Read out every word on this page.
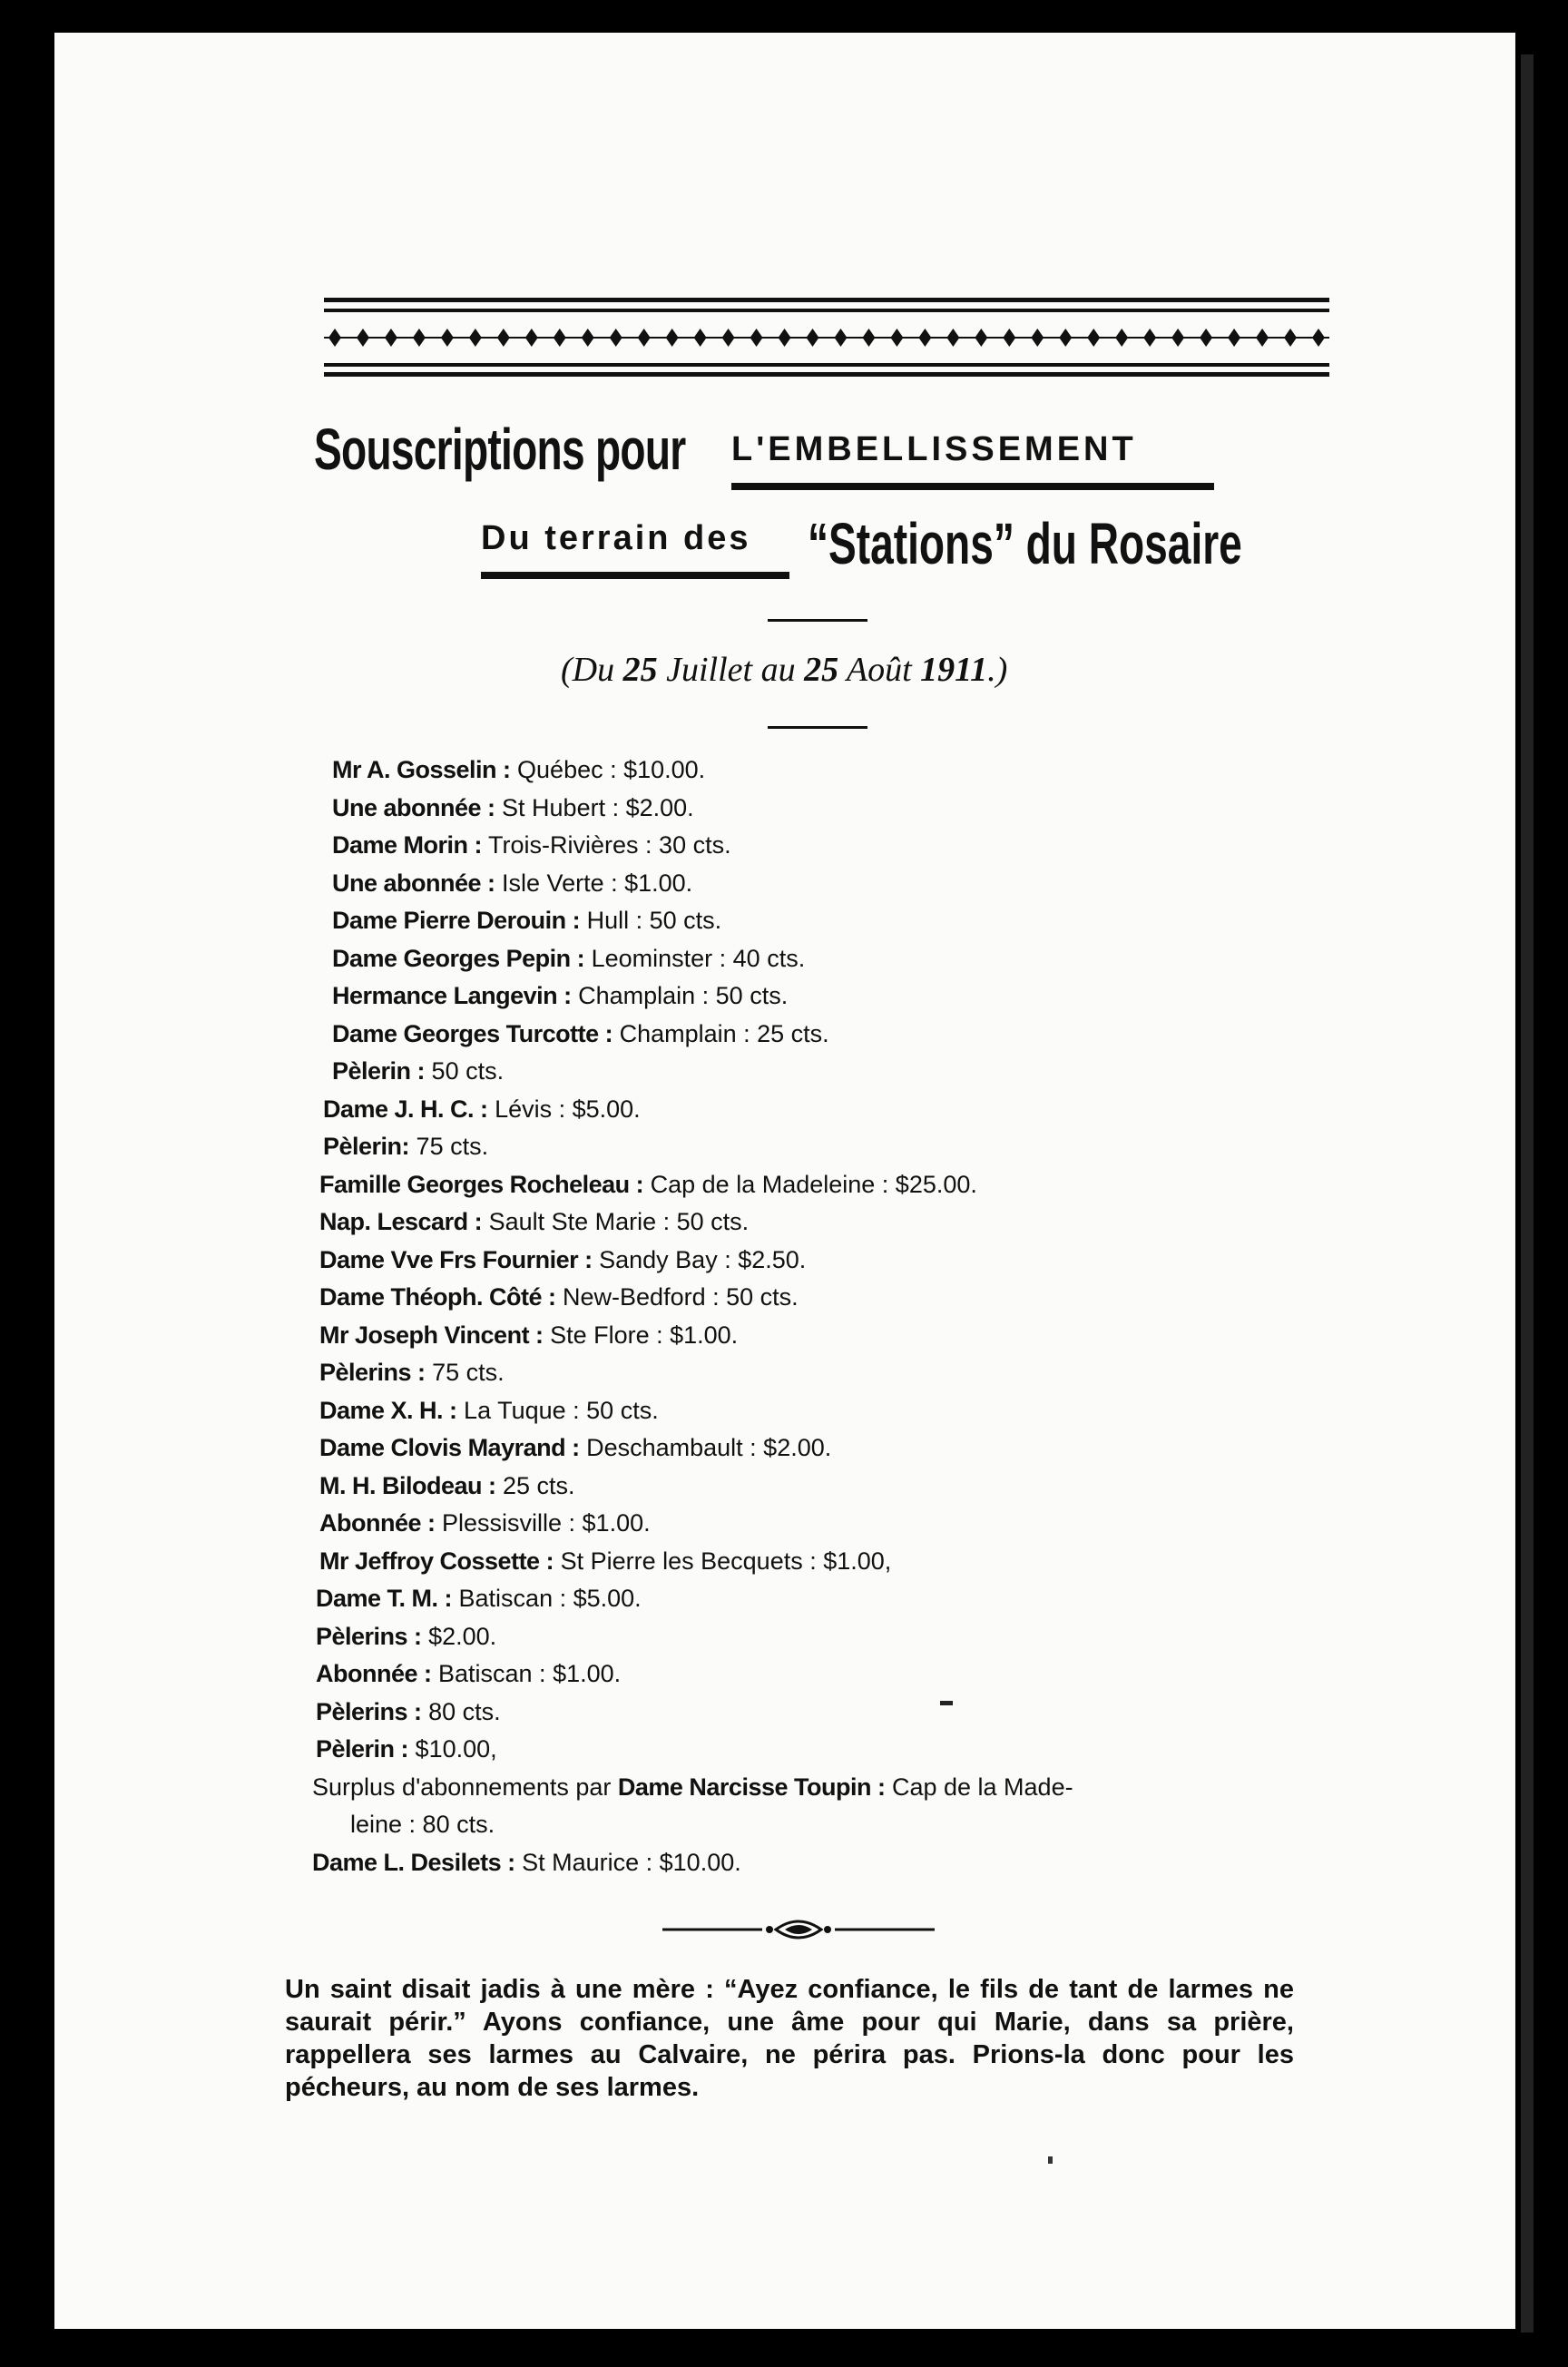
Souscriptions pour L'EMBELLISSEMENT
Du terrain des “Stations” du Rosaire
(Du 25 Juillet au 25 Août 1911.)
Mr A. Gosselin : Québec : $10.00.
Une abonnée : St Hubert : $2.00.
Dame Morin : Trois-Rivières : 30 cts.
Une abonnée : Isle Verte : $1.00.
Dame Pierre Derouin : Hull : 50 cts.
Dame Georges Pepin : Leominster : 40 cts.
Hermance Langevin : Champlain : 50 cts.
Dame Georges Turcotte : Champlain : 25 cts.
Pèlerin : 50 cts.
Dame J. H. C. : Lévis : $5.00.
Pèlerin: 75 cts.
Famille Georges Rocheleau : Cap de la Madeleine : $25.00.
Nap. Lescard : Sault Ste Marie : 50 cts.
Dame Vve Frs Fournier : Sandy Bay : $2.50.
Dame Théoph. Côté : New-Bedford : 50 cts.
Mr Joseph Vincent : Ste Flore : $1.00.
Pèlerins : 75 cts.
Dame X. H. : La Tuque : 50 cts.
Dame Clovis Mayrand : Deschambault : $2.00.
M. H. Bilodeau : 25 cts.
Abonnée : Plessisville : $1.00.
Mr Jeffroy Cossette : St Pierre les Becquets : $1.00,
Dame T. M. : Batiscan : $5.00.
Pèlerins : $2.00.
Abonnée : Batiscan : $1.00.
Pèlerins : 80 cts.
Pèlerin : $10.00,
Surplus d'abonnements par Dame Narcisse Toupin : Cap de la Made-
leine : 80 cts.
Dame L. Desilets : St Maurice : $10.00.
Un saint disait jadis à une mère : “Ayez confiance, le fils de tant de larmes ne saurait périr.” Ayons confiance, une âme pour qui Marie, dans sa prière, rappellera ses larmes au Calvaire, ne périra pas. Prions-la donc pour les pécheurs, au nom de ses larmes.
